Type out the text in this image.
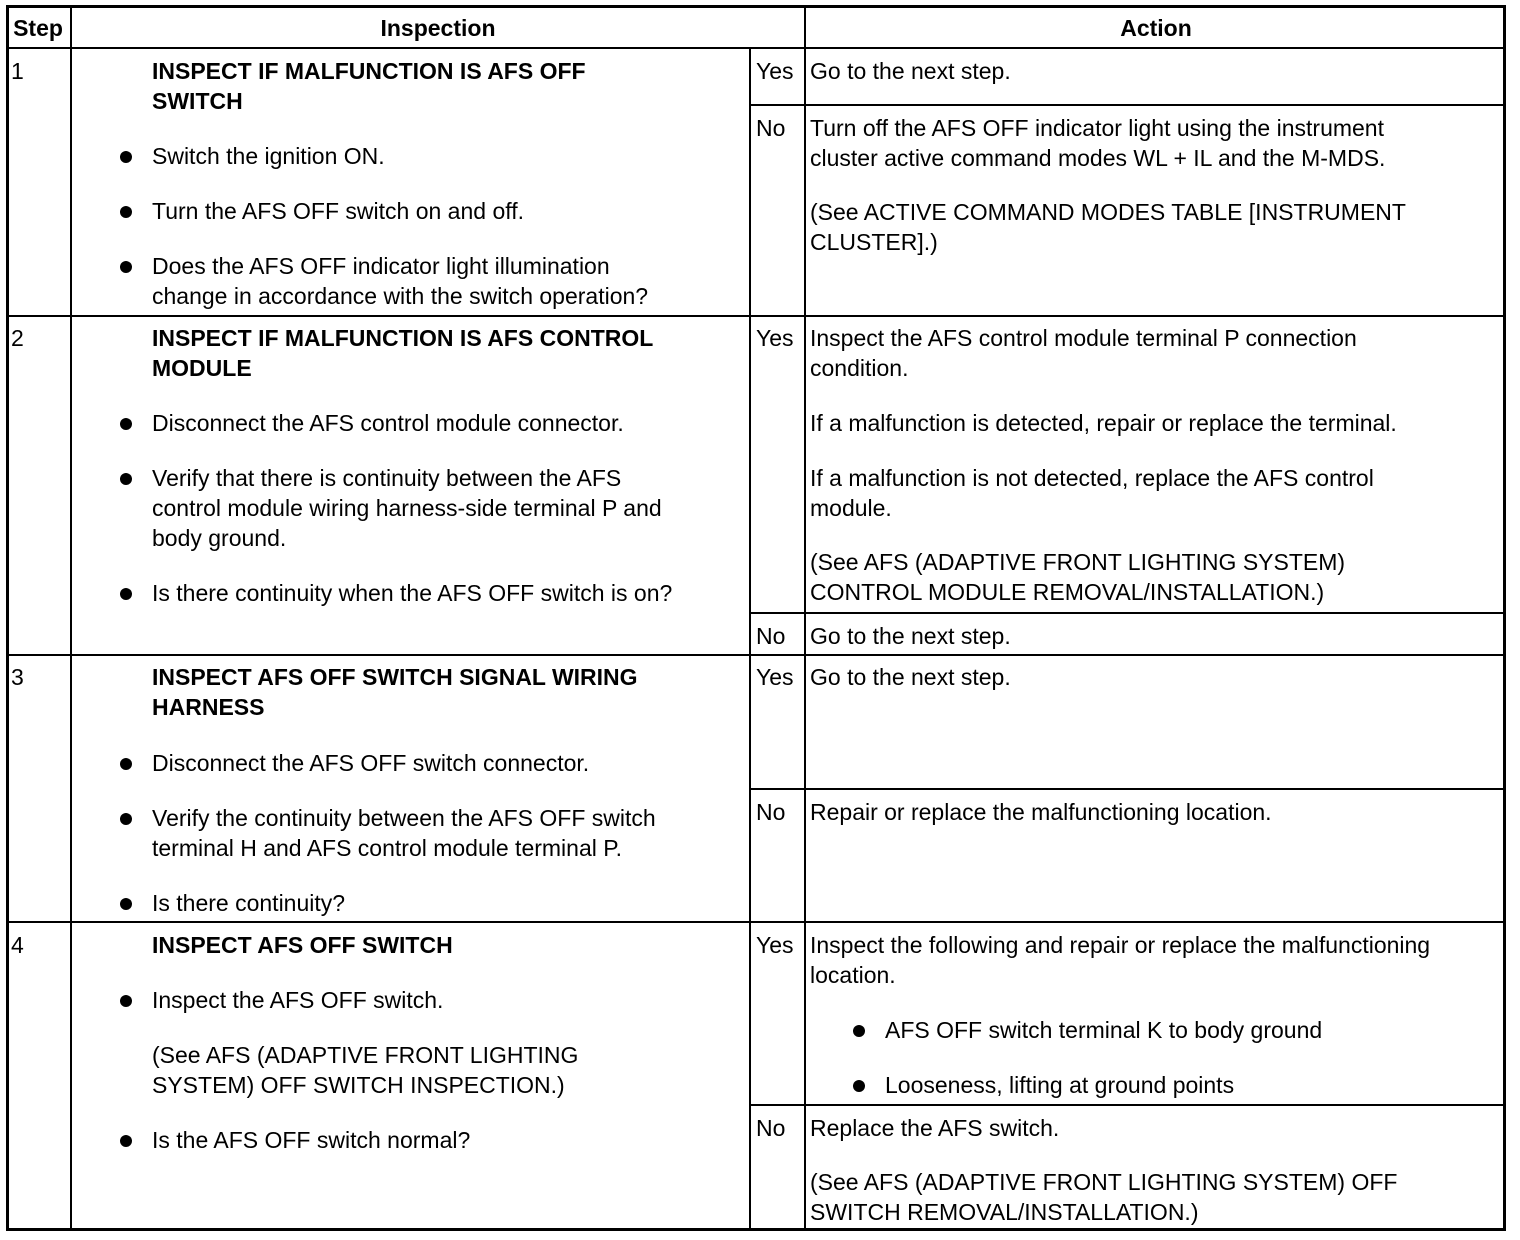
Step	Inspection	Action
1	INSPECT IF MALFUNCTION IS AFS OFF
SWITCH
Switch the ignition ON.
Turn the AFS OFF switch on and off.
Does the AFS OFF indicator light illumination
change in accordance with the switch operation?
Yes Go to the next step.
No Turn off the AFS OFF indicator light using the instrument
cluster active command modes WL + IL and the M-MDS.
(See ACTIVE COMMAND MODES TABLE [INSTRUMENT
CLUSTER].)
2	INSPECT IF MALFUNCTION IS AFS CONTROL
MODULE
Disconnect the AFS control module connector.
Verify that there is continuity between the AFS
control module wiring harness-side terminal P and
body ground.
Is there continuity when the AFS OFF switch is on?
Yes Inspect the AFS control module terminal P connection
condition.
If a malfunction is detected, repair or replace the terminal.
If a malfunction is not detected, replace the AFS control
module.
(See AFS (ADAPTIVE FRONT LIGHTING SYSTEM)
CONTROL MODULE REMOVAL/INSTALLATION.)
No Go to the next step.
3	INSPECT AFS OFF SWITCH SIGNAL WIRING
HARNESS
Disconnect the AFS OFF switch connector.
Verify the continuity between the AFS OFF switch
terminal H and AFS control module terminal P.
Is there continuity?
Yes Go to the next step.
No Repair or replace the malfunctioning location.
4	INSPECT AFS OFF SWITCH
Inspect the AFS OFF switch.
(See AFS (ADAPTIVE FRONT LIGHTING
SYSTEM) OFF SWITCH INSPECTION.)
Is the AFS OFF switch normal?
Yes Inspect the following and repair or replace the malfunctioning
location.
AFS OFF switch terminal K to body ground
Looseness, lifting at ground points
No Replace the AFS switch.
(See AFS (ADAPTIVE FRONT LIGHTING SYSTEM) OFF
SWITCH REMOVAL/INSTALLATION.)
